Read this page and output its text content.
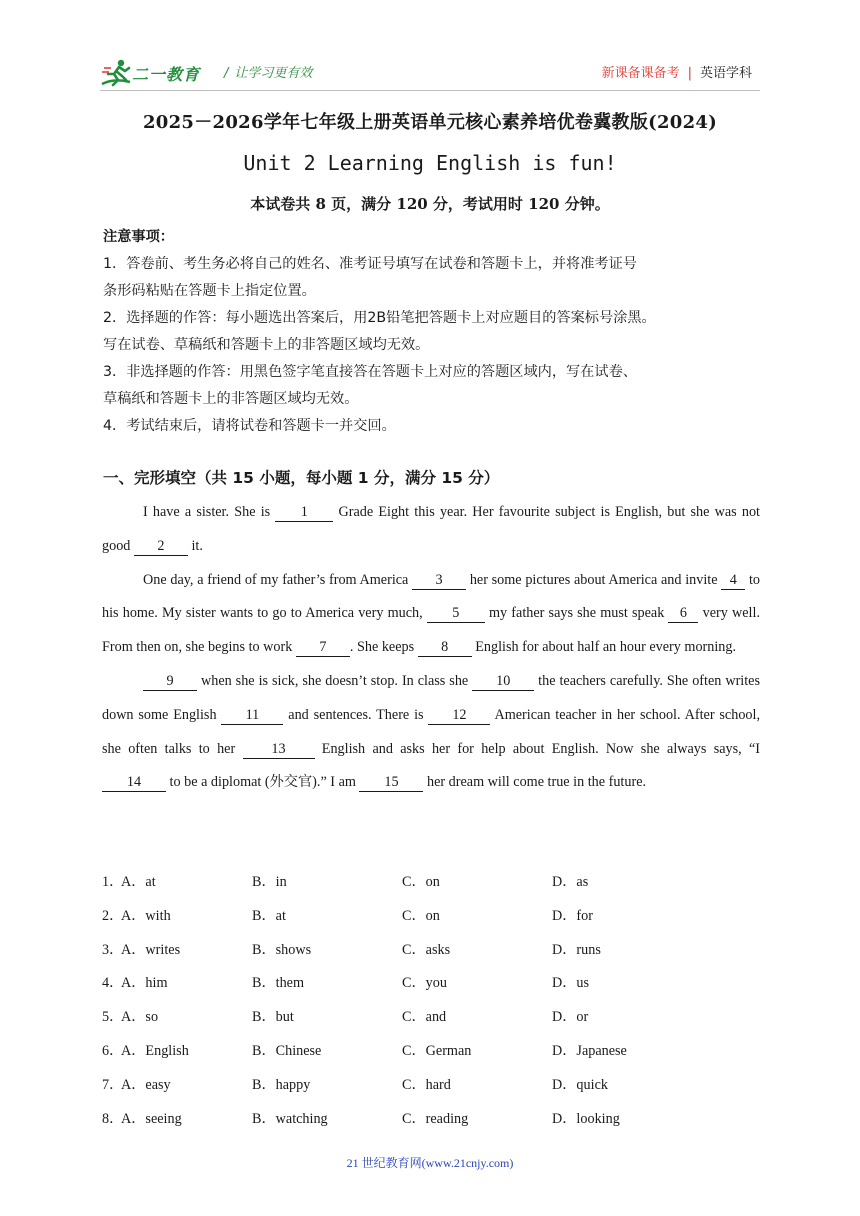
二一教育 / 让学习更有效	新课备课备考 | 英语学科
2025－2026学年七年级上册英语单元核心素养培优卷冀教版(2024)
Unit 2 Learning English is fun!
本试卷共 8 页，满分 120 分，考试用时 120 分钟。
注意事项：
1．答卷前、考生务必将自己的姓名、准考证号填写在试卷和答题卡上，并将准考证号
条形码粘贴在答题卡上指定位置。
2．选择题的作答：每小题选出答案后，用2B铅笔把答题卡上对应题目的答案标号涂黑。
写在试卷、草稿纸和答题卡上的非答题区域均无效。
3．非选择题的作答：用黑色签字笔直接答在答题卡上对应的答题区域内，写在试卷、
草稿纸和答题卡上的非答题区域均无效。
4．考试结束后，请将试卷和答题卡一并交回。
一、完形填空（共 15 小题，每小题 1 分，满分 15 分）

I have a sister. She is 1 Grade Eight this year. Her favourite subject is English, but she was not good 2 it.

One day, a friend of my father’s from America 3 her some pictures about America and invite 4 to his home. My sister wants to go to America very much, 5 my father says she must speak 6 very well. From then on, she begins to work 7 . She keeps 8 English for about half an hour every morning.

9 when she is sick, she doesn’t stop. In class she 10 the teachers carefully. She often writes down some English 11 and sentences. There is 12 American teacher in her school. After school, she often talks to her 13 English and asks her for help about English. Now she always says, “I 14 to be a diplomat (外交官).” I am 15 her dream will come true in the future.

1．
A．at	B．in	C．on	D．as
2．
A．with	B．at	C．on	D．for
3．
A．writes	B．shows	C．asks	D．runs
4．
A．him	B．them	C．you	D．us
5．
A．so	B．but	C．and	D．or
6．
A．English	B．Chinese	C．German	D．Japanese
7．
A．easy	B．happy	C．hard	D．quick
8．
A．seeing	B．watching	C．reading	D．looking
21 世纪教育网(www.21cnjy.com)
